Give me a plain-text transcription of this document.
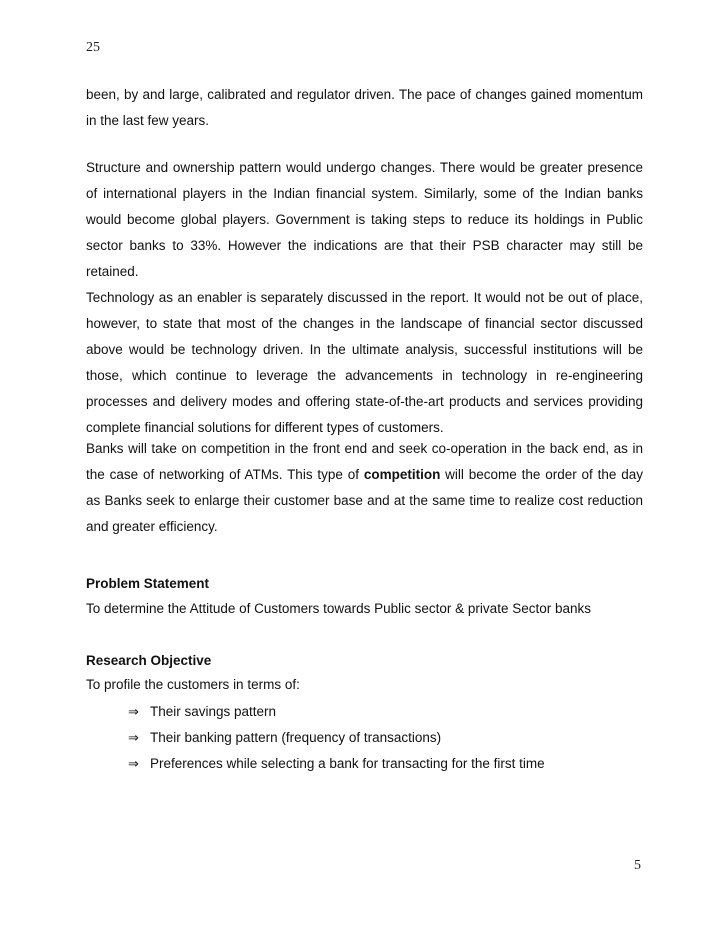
25
been, by and large, calibrated and regulator driven. The pace of changes gained momentum in the last few years.
Structure and ownership pattern would undergo changes. There would be greater presence of international players in the Indian financial system. Similarly, some of the Indian banks would become global players. Government is taking steps to reduce its holdings in Public sector banks to 33%. However the indications are that their PSB character may still be retained.
Technology as an enabler is separately discussed in the report. It would not be out of place, however, to state that most of the changes in the landscape of financial sector discussed above would be technology driven. In the ultimate analysis, successful institutions will be those, which continue to leverage the advancements in technology in re-engineering processes and delivery modes and offering state-of-the-art products and services providing complete financial solutions for different types of customers.
Banks will take on competition in the front end and seek co-operation in the back end, as in the case of networking of ATMs. This type of competition will become the order of the day as Banks seek to enlarge their customer base and at the same time to realize cost reduction and greater efficiency.
Problem Statement
To determine the Attitude of Customers towards Public sector & private Sector banks
Research Objective
To profile the customers in terms of:
⇒ Their savings pattern
⇒ Their banking pattern (frequency of transactions)
⇒ Preferences while selecting a bank for transacting for the first time
5
